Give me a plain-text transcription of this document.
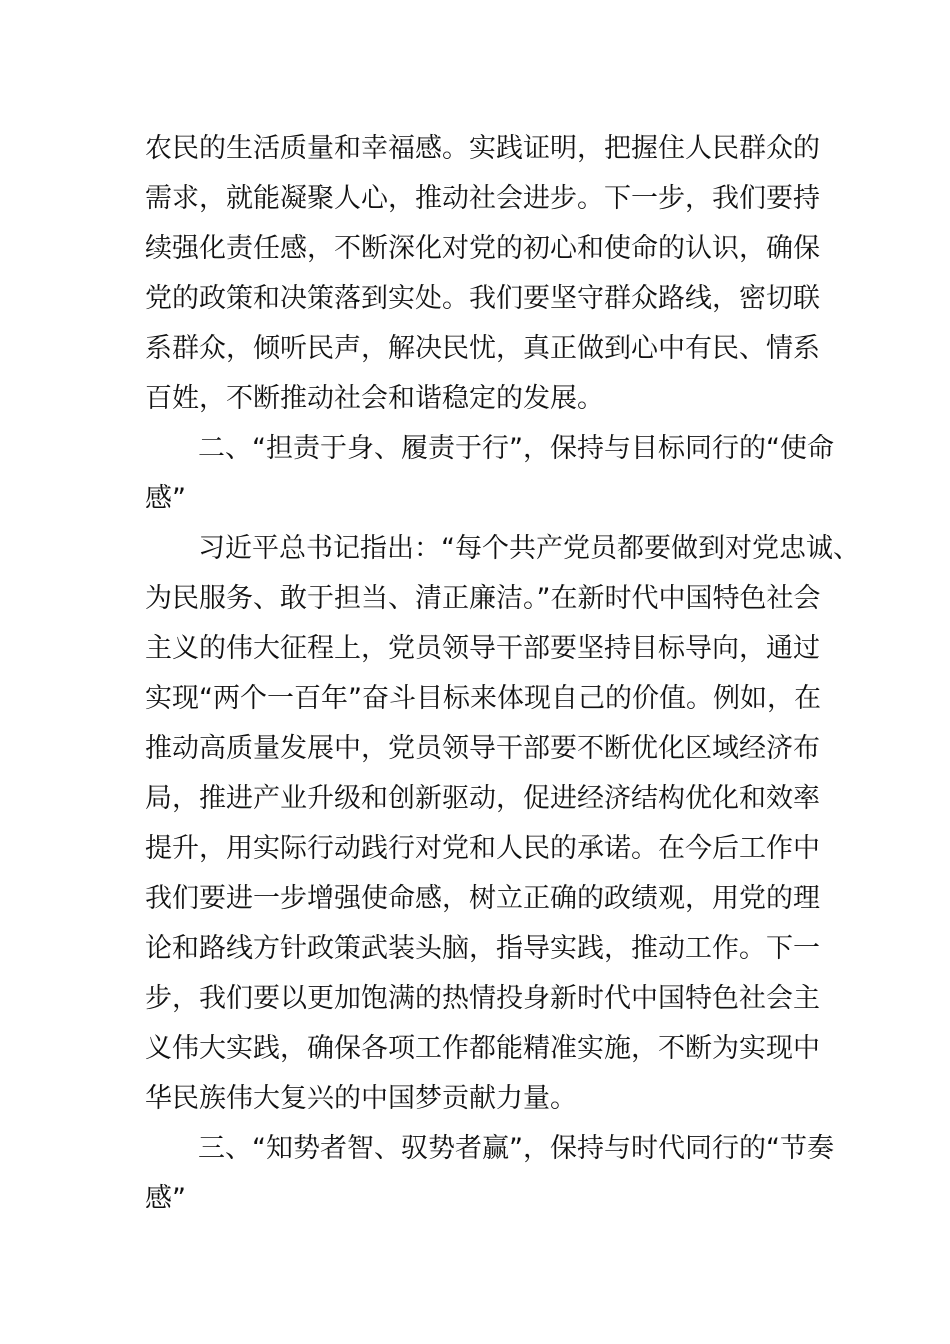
农民的生活质量和幸福感。实践证明，把握住人民群众的
需求，就能凝聚人心，推动社会进步。下一步，我们要持
续强化责任感，不断深化对党的初心和使命的认识，确保
党的政策和决策落到实处。我们要坚守群众路线，密切联
系群众，倾听民声，解决民忧，真正做到心中有民、情系
百姓，不断推动社会和谐稳定的发展。
二、“担责于身、履责于行”，保持与目标同行的“使命
感”
习近平总书记指出：“每个共产党员都要做到对党忠诚、
为民服务、敢于担当、清正廉洁。”在新时代中国特色社会
主义的伟大征程上，党员领导干部要坚持目标导向，通过
实现“两个一百年”奋斗目标来体现自己的价值。例如，在
推动高质量发展中，党员领导干部要不断优化区域经济布
局，推进产业升级和创新驱动，促进经济结构优化和效率
提升，用实际行动践行对党和人民的承诺。在今后工作中
我们要进一步增强使命感，树立正确的政绩观，用党的理
论和路线方针政策武装头脑，指导实践，推动工作。下一
步，我们要以更加饱满的热情投身新时代中国特色社会主
义伟大实践，确保各项工作都能精准实施，不断为实现中
华民族伟大复兴的中国梦贡献力量。
三、“知势者智、驭势者赢”，保持与时代同行的“节奏
感”
